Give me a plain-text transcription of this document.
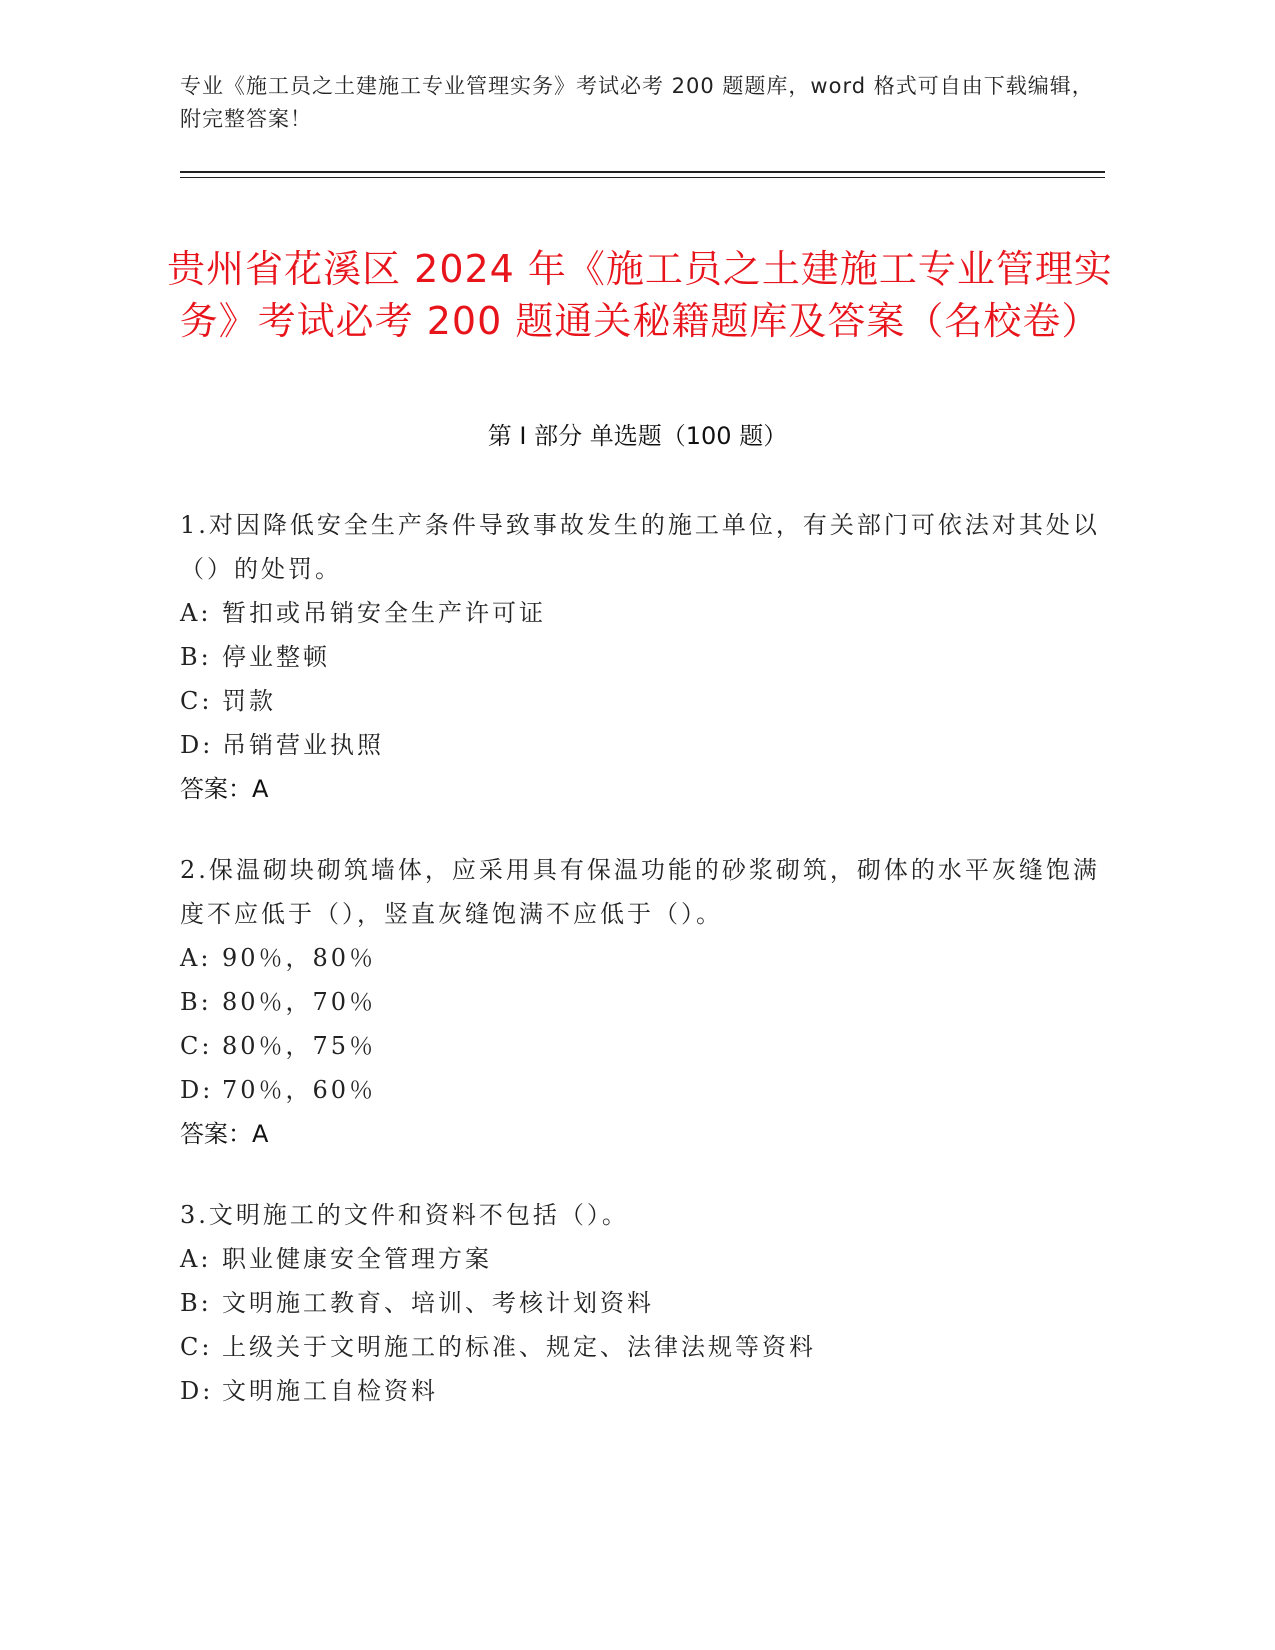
专业《施工员之土建施工专业管理实务》考试必考 200 题题库，word 格式可自由下载编辑，附完整答案！
贵州省花溪区 2024 年《施工员之土建施工专业管理实务》考试必考 200 题通关秘籍题库及答案（名校卷）
第 I 部分 单选题（100 题）
1.对因降低安全生产条件导致事故发生的施工单位，有关部门可依法对其处以（）的处罚。
A: 暂扣或吊销安全生产许可证
B: 停业整顿
C: 罚款
D: 吊销营业执照
答案：A
2.保温砌块砌筑墙体，应采用具有保温功能的砂浆砌筑，砌体的水平灰缝饱满度不应低于（），竖直灰缝饱满不应低于（）。
A: 90％，80％
B: 80％，70％
C: 80％，75％
D: 70％，60％
答案：A
3.文明施工的文件和资料不包括（）。
A: 职业健康安全管理方案
B: 文明施工教育、培训、考核计划资料
C: 上级关于文明施工的标准、规定、法律法规等资料
D: 文明施工自检资料
